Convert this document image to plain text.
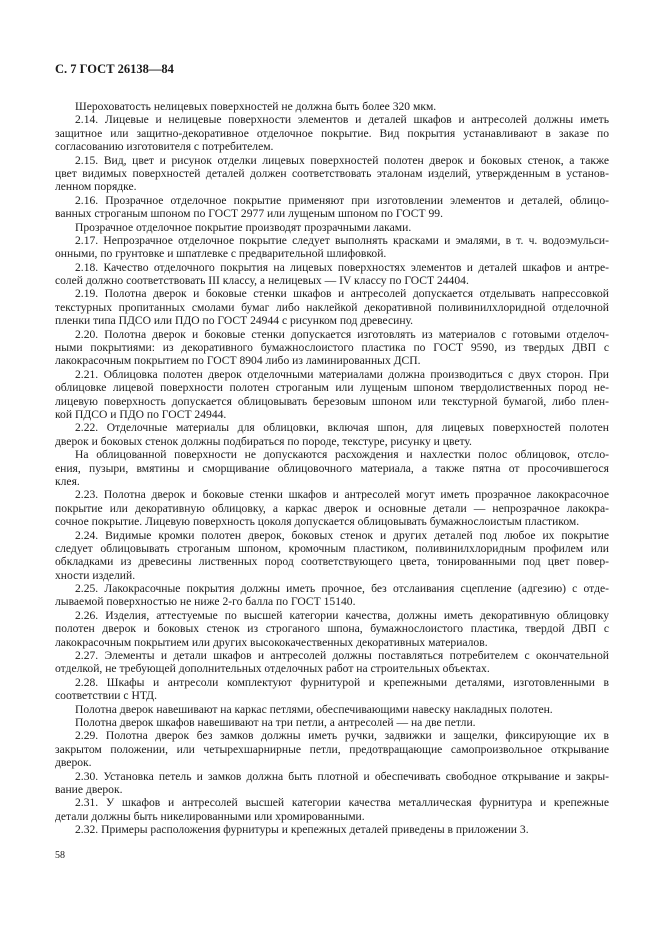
С. 7 ГОСТ 26138—84
Шероховатость нелицевых поверхностей не должна быть более 320 мкм.
2.14. Лицевые и нелицевые поверхности элементов и деталей шкафов и антресолей должны иметь
защитное или защитно-декоративное отделочное покрытие. Вид покрытия устанавливают в заказе по
согласованию изготовителя с потребителем.
2.15. Вид, цвет и рисунок отделки лицевых поверхностей полотен дверок и боковых стенок, а также
цвет видимых поверхностей деталей должен соответствовать эталонам изделий, утвержденным в установ-
ленном порядке.
2.16. Прозрачное отделочное покрытие применяют при изготовлении элементов и деталей, облицо-
ванных строганым шпоном по ГОСТ 2977 или лущеным шпоном по ГОСТ 99.
Прозрачное отделочное покрытие производят прозрачными лаками.
2.17. Непрозрачное отделочное покрытие следует выполнять красками и эмалями, в т. ч. водоэмульси-
онными, по грунтовке и шпатлевке с предварительной шлифовкой.
2.18. Качество отделочного покрытия на лицевых поверхностях элементов и деталей шкафов и антре-
солей должно соответствовать III классу, а нелицевых — IV классу по ГОСТ 24404.
2.19. Полотна дверок и боковые стенки шкафов и антресолей допускается отделывать напрессовкой
текстурных пропитанных смолами бумаг либо наклейкой декоративной поливинилхлоридной отделочной
пленки типа ПДСО или ПДО по ГОСТ 24944 с рисунком под древесину.
2.20. Полотна дверок и боковые стенки допускается изготовлять из материалов с готовыми отделоч-
ными покрытиями: из декоративного бумажнослоистого пластика по ГОСТ 9590, из твердых ДВП с
лакокрасочным покрытием по ГОСТ 8904 либо из ламинированных ДСП.
2.21. Облицовка полотен дверок отделочными материалами должна производиться с двух сторон. При
облицовке лицевой поверхности полотен строганым или лущеным шпоном твердолиственных пород не-
лицевую поверхность допускается облицовывать березовым шпоном или текстурной бумагой, либо плен-
кой ПДСО и ПДО по ГОСТ 24944.
2.22. Отделочные материалы для облицовки, включая шпон, для лицевых поверхностей полотен
дверок и боковых стенок должны подбираться по породе, текстуре, рисунку и цвету.
На облицованной поверхности не допускаются расхождения и нахлестки полос облицовок, отсло-
ения, пузыри, вмятины и сморщивание облицовочного материала, а также пятна от просочившегося
клея.
2.23. Полотна дверок и боковые стенки шкафов и антресолей могут иметь прозрачное лакокрасочное
покрытие или декоративную облицовку, а каркас дверок и основные детали — непрозрачное лакокра-
сочное покрытие. Лицевую поверхность цоколя допускается облицовывать бумажнослоистым пластиком.
2.24. Видимые кромки полотен дверок, боковых стенок и других деталей под любое их покрытие
следует облицовывать строганым шпоном, кромочным пластиком, поливинилхлоридным профилем или
обкладками из древесины лиственных пород соответствующего цвета, тонированными под цвет повер-
хности изделий.
2.25. Лакокрасочные покрытия должны иметь прочное, без отслаивания сцепление (адгезию) с отде-
лываемой поверхностью не ниже 2-го балла по ГОСТ 15140.
2.26. Изделия, аттестуемые по высшей категории качества, должны иметь декоративную облицовку
полотен дверок и боковых стенок из строганого шпона, бумажнослоистого пластика, твердой ДВП с
лакокрасочным покрытием или других высококачественных декоративных материалов.
2.27. Элементы и детали шкафов и антресолей должны поставляться потребителем с окончательной
отделкой, не требующей дополнительных отделочных работ на строительных объектах.
2.28. Шкафы и антресоли комплектуют фурнитурой и крепежными деталями, изготовленными в
соответствии с НТД.
Полотна дверок навешивают на каркас петлями, обеспечивающими навеску накладных полотен.
Полотна дверок шкафов навешивают на три петли, а антресолей — на две петли.
2.29. Полотна дверок без замков должны иметь ручки, задвижки и защелки, фиксирующие их в
закрытом положении, или четырехшарнирные петли, предотвращающие самопроизвольное открывание
дверок.
2.30. Установка петель и замков должна быть плотной и обеспечивать свободное открывание и закры-
вание дверок.
2.31. У шкафов и антресолей высшей категории качества металлическая фурнитура и крепежные
детали должны быть никелированными или хромированными.
2.32. Примеры расположения фурнитуры и крепежных деталей приведены в приложении 3.
58
